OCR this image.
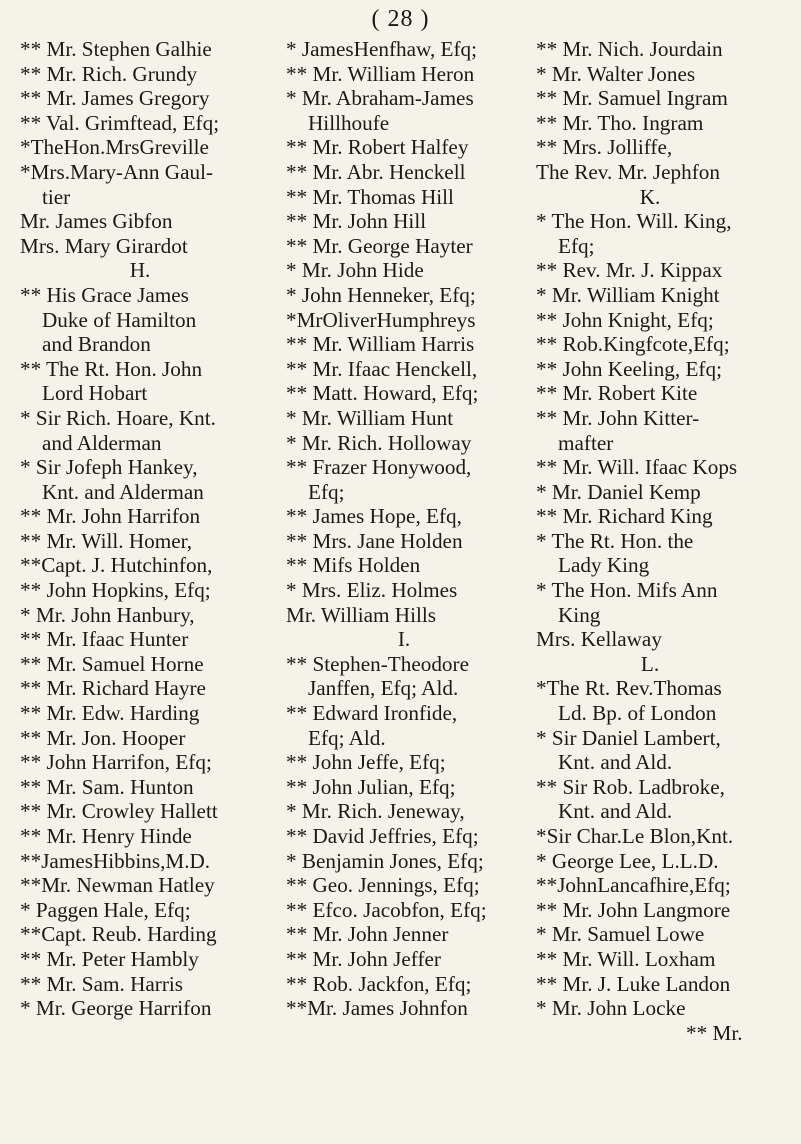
( 28 )
** Mr. Stephen Galhie
** Mr. Rich. Grundy
** Mr. James Gregory
** Val. Grimftead, Efq;
*TheHon.MrsGreville
*Mrs.Mary-Ann Gaul-
tier
Mr. James Gibfon
Mrs. Mary Girardot
H.
** His Grace James
Duke of Hamilton
and Brandon
** The Rt. Hon. John
Lord Hobart
* Sir Rich. Hoare, Knt.
and Alderman
* Sir Jofeph Hankey,
Knt. and Alderman
** Mr. John Harrifon
** Mr. Will. Homer,
**Capt. J. Hutchinfon,
** John Hopkins, Efq;
* Mr. John Hanbury,
** Mr. Ifaac Hunter
** Mr. Samuel Horne
** Mr. Richard Hayre
** Mr. Edw. Harding
** Mr. Jon. Hooper
** John Harrifon, Efq;
** Mr. Sam. Hunton
** Mr. Crowley Hallett
** Mr. Henry Hinde
**JamesHibbins,M.D.
**Mr. Newman Hatley
* Paggen Hale, Efq;
**Capt. Reub. Harding
** Mr. Peter Hambly
** Mr. Sam. Harris
* Mr. George Harrifon
* JamesHenfhaw, Efq;
** Mr. William Heron
* Mr. Abraham-James
Hillhoufe
** Mr. Robert Halfey
** Mr. Abr. Henckell
** Mr. Thomas Hill
** Mr. John Hill
** Mr. George Hayter
* Mr. John Hide
* John Henneker, Efq;
*MrOliverHumphreys
** Mr. William Harris
** Mr. Ifaac Henckell,
** Matt. Howard, Efq;
* Mr. William Hunt
* Mr. Rich. Holloway
** Frazer Honywood,
Efq;
** James Hope, Efq,
** Mrs. Jane Holden
** Mifs Holden
* Mrs. Eliz. Holmes
Mr. William Hills
I.
** Stephen-Theodore
Janffen, Efq; Ald.
** Edward Ironfide,
Efq; Ald.
** John Jeffe, Efq;
** John Julian, Efq;
* Mr. Rich. Jeneway,
** David Jeffries, Efq;
* Benjamin Jones, Efq;
** Geo. Jennings, Efq;
** Efco. Jacobfon, Efq;
** Mr. John Jenner
** Mr. John Jeffer
** Rob. Jackfon, Efq;
**Mr. James Johnfon
** Mr. Nich. Jourdain
* Mr. Walter Jones
** Mr. Samuel Ingram
** Mr. Tho. Ingram
** Mrs. Jolliffe,
The Rev. Mr. Jephfon
K.
* The Hon. Will. King,
Efq;
** Rev. Mr. J. Kippax
* Mr. William Knight
** John Knight, Efq;
** Rob.Kingfcote,Efq;
** John Keeling, Efq;
** Mr. Robert Kite
** Mr. John Kitter-
mafter
** Mr. Will. Ifaac Kops
* Mr. Daniel Kemp
** Mr. Richard King
* The Rt. Hon. the
Lady King
* The Hon. Mifs Ann
King
Mrs. Kellaway
L.
*The Rt. Rev.Thomas
Ld. Bp. of London
* Sir Daniel Lambert,
Knt. and Ald.
** Sir Rob. Ladbroke,
Knt. and Ald.
*Sir Char.Le Blon,Knt.
* George Lee, L.L.D.
**JohnLancafhire,Efq;
** Mr. John Langmore
* Mr. Samuel Lowe
** Mr. Will. Loxham
** Mr. J. Luke Landon
* Mr. John Locke
** Mr.
